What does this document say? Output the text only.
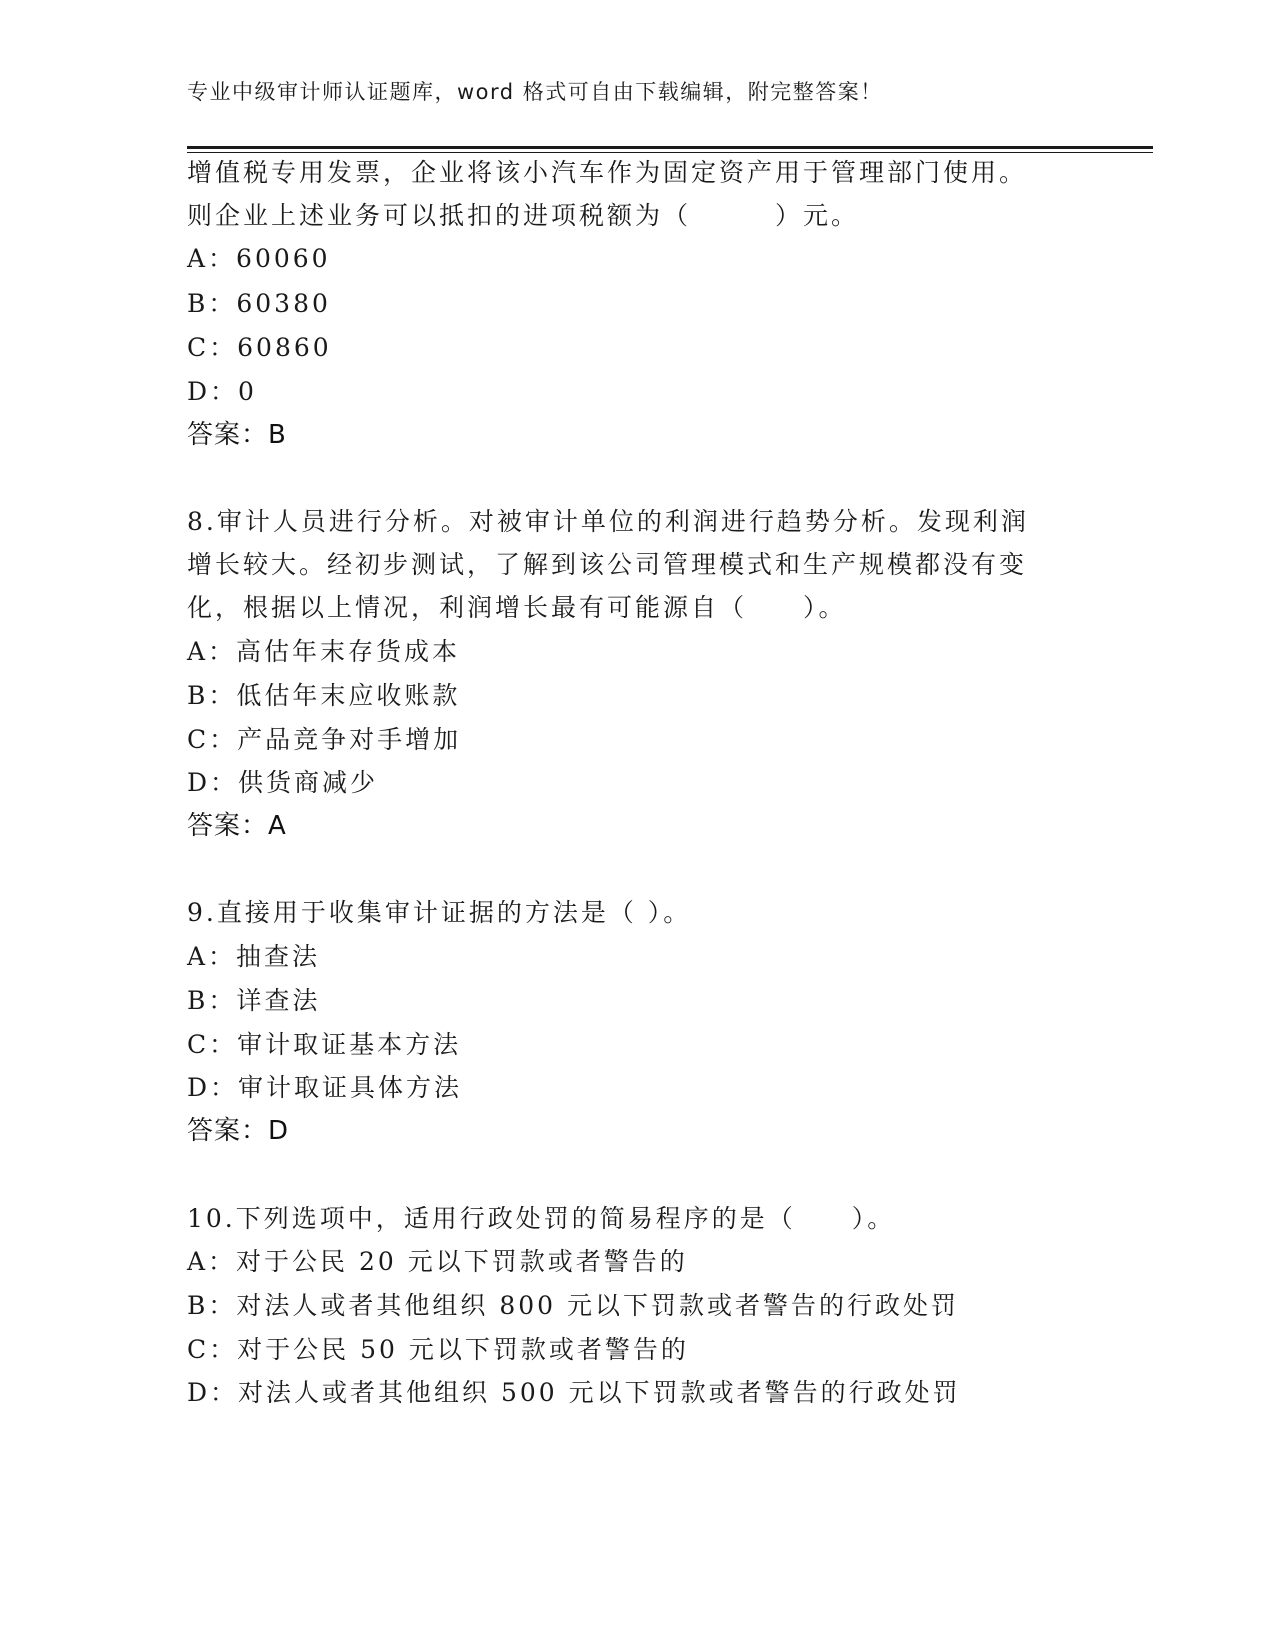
专业中级审计师认证题库，word 格式可自由下载编辑，附完整答案！
增值税专用发票，企业将该小汽车作为固定资产用于管理部门使用。
则企业上述业务可以抵扣的进项税额为（　　　）元。
A：60060
B：60380
C：60860
D：0
答案：B
8.审计人员进行分析。对被审计单位的利润进行趋势分析。发现利润
增长较大。经初步测试，了解到该公司管理模式和生产规模都没有变
化，根据以上情况，利润增长最有可能源自（　　）。
A：高估年末存货成本
B：低估年末应收账款
C：产品竞争对手增加
D：供货商减少
答案：A
9.直接用于收集审计证据的方法是（ ）。
A：抽查法
B：详查法
C：审计取证基本方法
D：审计取证具体方法
答案：D
10.下列选项中，适用行政处罚的简易程序的是（　　）。
A：对于公民 20 元以下罚款或者警告的
B：对法人或者其他组织 800 元以下罚款或者警告的行政处罚
C：对于公民 50 元以下罚款或者警告的
D：对法人或者其他组织 500 元以下罚款或者警告的行政处罚
